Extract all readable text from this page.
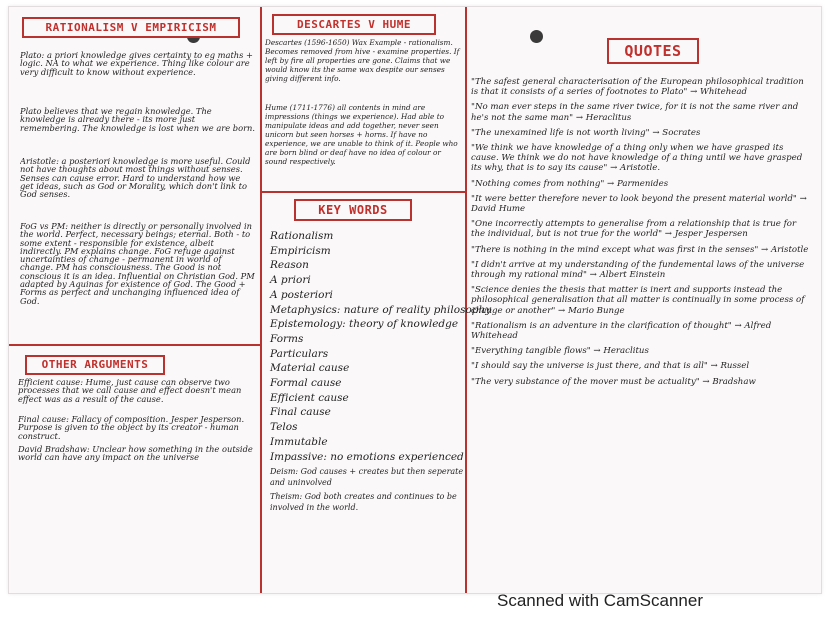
RATIONALISM V EMPIRICISM	DESCARTES V HUME
QUOTES
KEY WORDS
OTHER ARGUMENTS

Plato: a priori knowledge gives certainty to eg maths + logic. NA to what we experience. Thing like colour are very difficult to know without experience.

Plato believes that we regain knowledge. The knowledge is already there - its more just remembering. The knowledge is lost when we are born.

Aristotle: a posteriori knowledge is more useful. Could not have thoughts about most things without senses. Senses can cause error. Hard to understand how we get ideas, such as God or Morality, which don't link to God senses.

FoG vs PM: neither is directly or personally involved in the world. Perfect, necessary beings; eternal. Both - to some extent - responsible for existence, albeit indirectly. PM explains change. FoG refuge against uncertainties of change - permanent in world of change. PM has consciousness. The Good is not conscious it is an idea. Influential on Christian God. PM adapted by Aquinas for existence of God. The Good + Forms as perfect and unchanging influenced idea of God.

Efficient cause: Hume, just cause can observe two processes that we call cause and effect doesn't mean effect was as a result of the cause.

Final cause: Fallacy of composition. Jesper Jesperson. Purpose is given to the object by its creator - human construct.

David Bradshaw: Unclear how something in the outside world can have any impact on the universe

Descartes (1596-1650) Wax Example - rationalism. Becomes removed from hive - examine properties. If left by fire all properties are gone. Claims that we would know its the same wax despite our senses giving different info.

Hume (1711-1776) all contents in mind are impressions (things we experience). Had able to manipulate ideas and add together, never seen unicorn but seen horses + horns. If have no experience, we are unable to think of it. People who are born blind or deaf have no idea of colour or sound respectively.

Rationalism
Empiricism
Reason
A priori
A posteriori
Metaphysics: nature of reality philosophy
Epistemology: theory of knowledge
Forms
Particulars
Material cause
Formal cause
Efficient cause
Final cause
Telos
Immutable
Impassive: no emotions experienced
Deism: God causes + creates but then seperate and uninvolved
Theism: God both creates and continues to be involved in the world.

"The safest general characterisation of the European philosophical tradition is that it consists of a series of footnotes to Plato" → Whitehead

"No man ever steps in the same river twice, for it is not the same river and he's not the same man" → Heraclitus

"The unexamined life is not worth living" → Socrates

"We think we have knowledge of a thing only when we have grasped its cause. We think we do not have knowledge of a thing until we have grasped its why, that is to say its cause" → Aristotle.

"Nothing comes from nothing" → Parmenides

"It were better therefore never to look beyond the present material world" → David Hume

"One incorrectly attempts to generalise from a relationship that is true for the individual, but is not true for the world" → Jesper Jespersen

"There is nothing in the mind except what was first in the senses" → Aristotle

"I didn't arrive at my understanding of the fundemental laws of the universe through my rational mind" → Albert Einstein

"Science denies the thesis that matter is inert and supports instead the philosophical generalisation that all matter is continually in some process of change or another" → Mario Bunge

"Rationalism is an adventure in the clarification of thought" → Alfred Whitehead

"Everything tangible flows" → Heraclitus

"I should say the universe is just there, and that is all" → Russel

"The very substance of the mover must be actuality" → Bradshaw

Scanned with CamScanner
